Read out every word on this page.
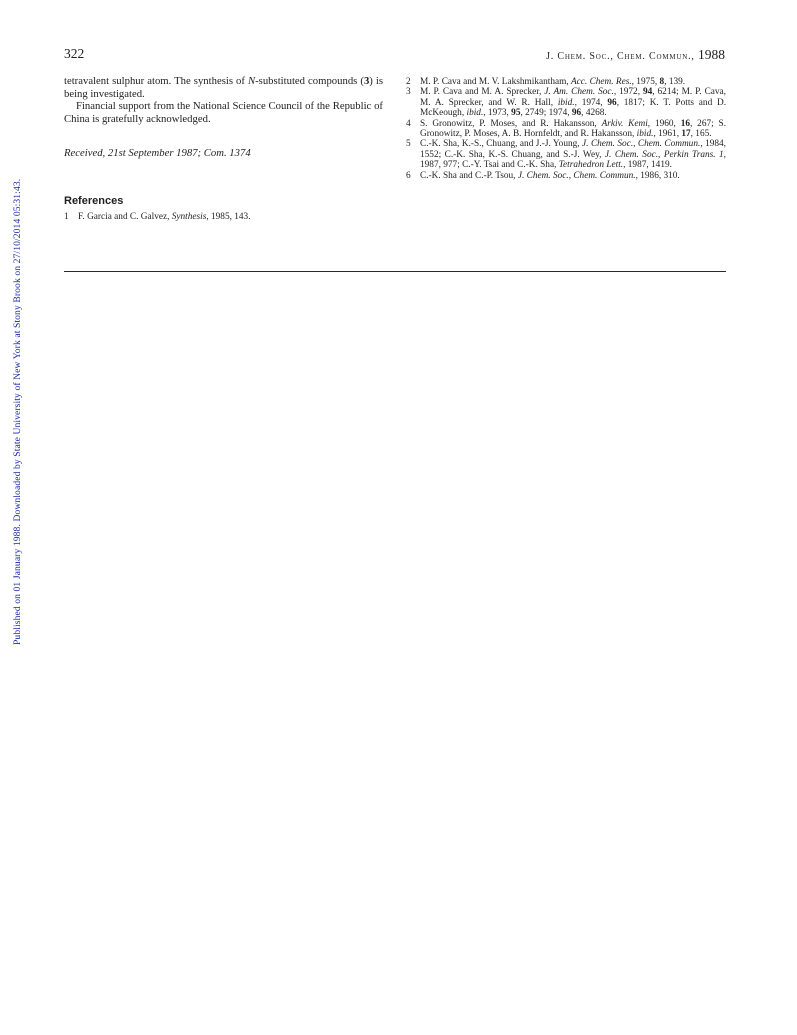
322	J. Chem. Soc., Chem. Commun., 1988

tetravalent sulphur atom. The synthesis of N-substituted compounds (3) is being investigated.

Financial support from the National Science Council of the Republic of China is gratefully acknowledged.

Received, 21st September 1987; Com. 1374

References
1 F. Garcia and C. Galvez, Synthesis, 1985, 143.
2 M. P. Cava and M. V. Lakshmikantham, Acc. Chem. Res., 1975, 8, 139.
3 M. P. Cava and M. A. Sprecker, J. Am. Chem. Soc., 1972, 94, 6214; M. P. Cava, M. A. Sprecker, and W. R. Hall, ibid., 1974, 96, 1817; K. T. Potts and D. McKeough, ibid., 1973, 95, 2749; 1974, 96, 4268.
4 S. Gronowitz, P. Moses, and R. Hakansson, Arkiv. Kemi, 1960, 16, 267; S. Gronowitz, P. Moses, A. B. Hornfeldt, and R. Hakansson, ibid., 1961, 17, 165.
5 C.-K. Sha, K.-S., Chuang, and J.-J. Young, J. Chem. Soc., Chem. Commun., 1984, 1552; C.-K. Sha, K.-S. Chuang, and S.-J. Wey, J. Chem. Soc., Perkin Trans. 1, 1987, 977; C.-Y. Tsai and C.-K. Sha, Tetrahedron Lett., 1987, 1419.
6 C.-K. Sha and C.-P. Tsou, J. Chem. Soc., Chem. Commun., 1986, 310.
Published on 01 January 1988. Downloaded by State University of New York at Stony Brook on 27/10/2014 05:31:43.
